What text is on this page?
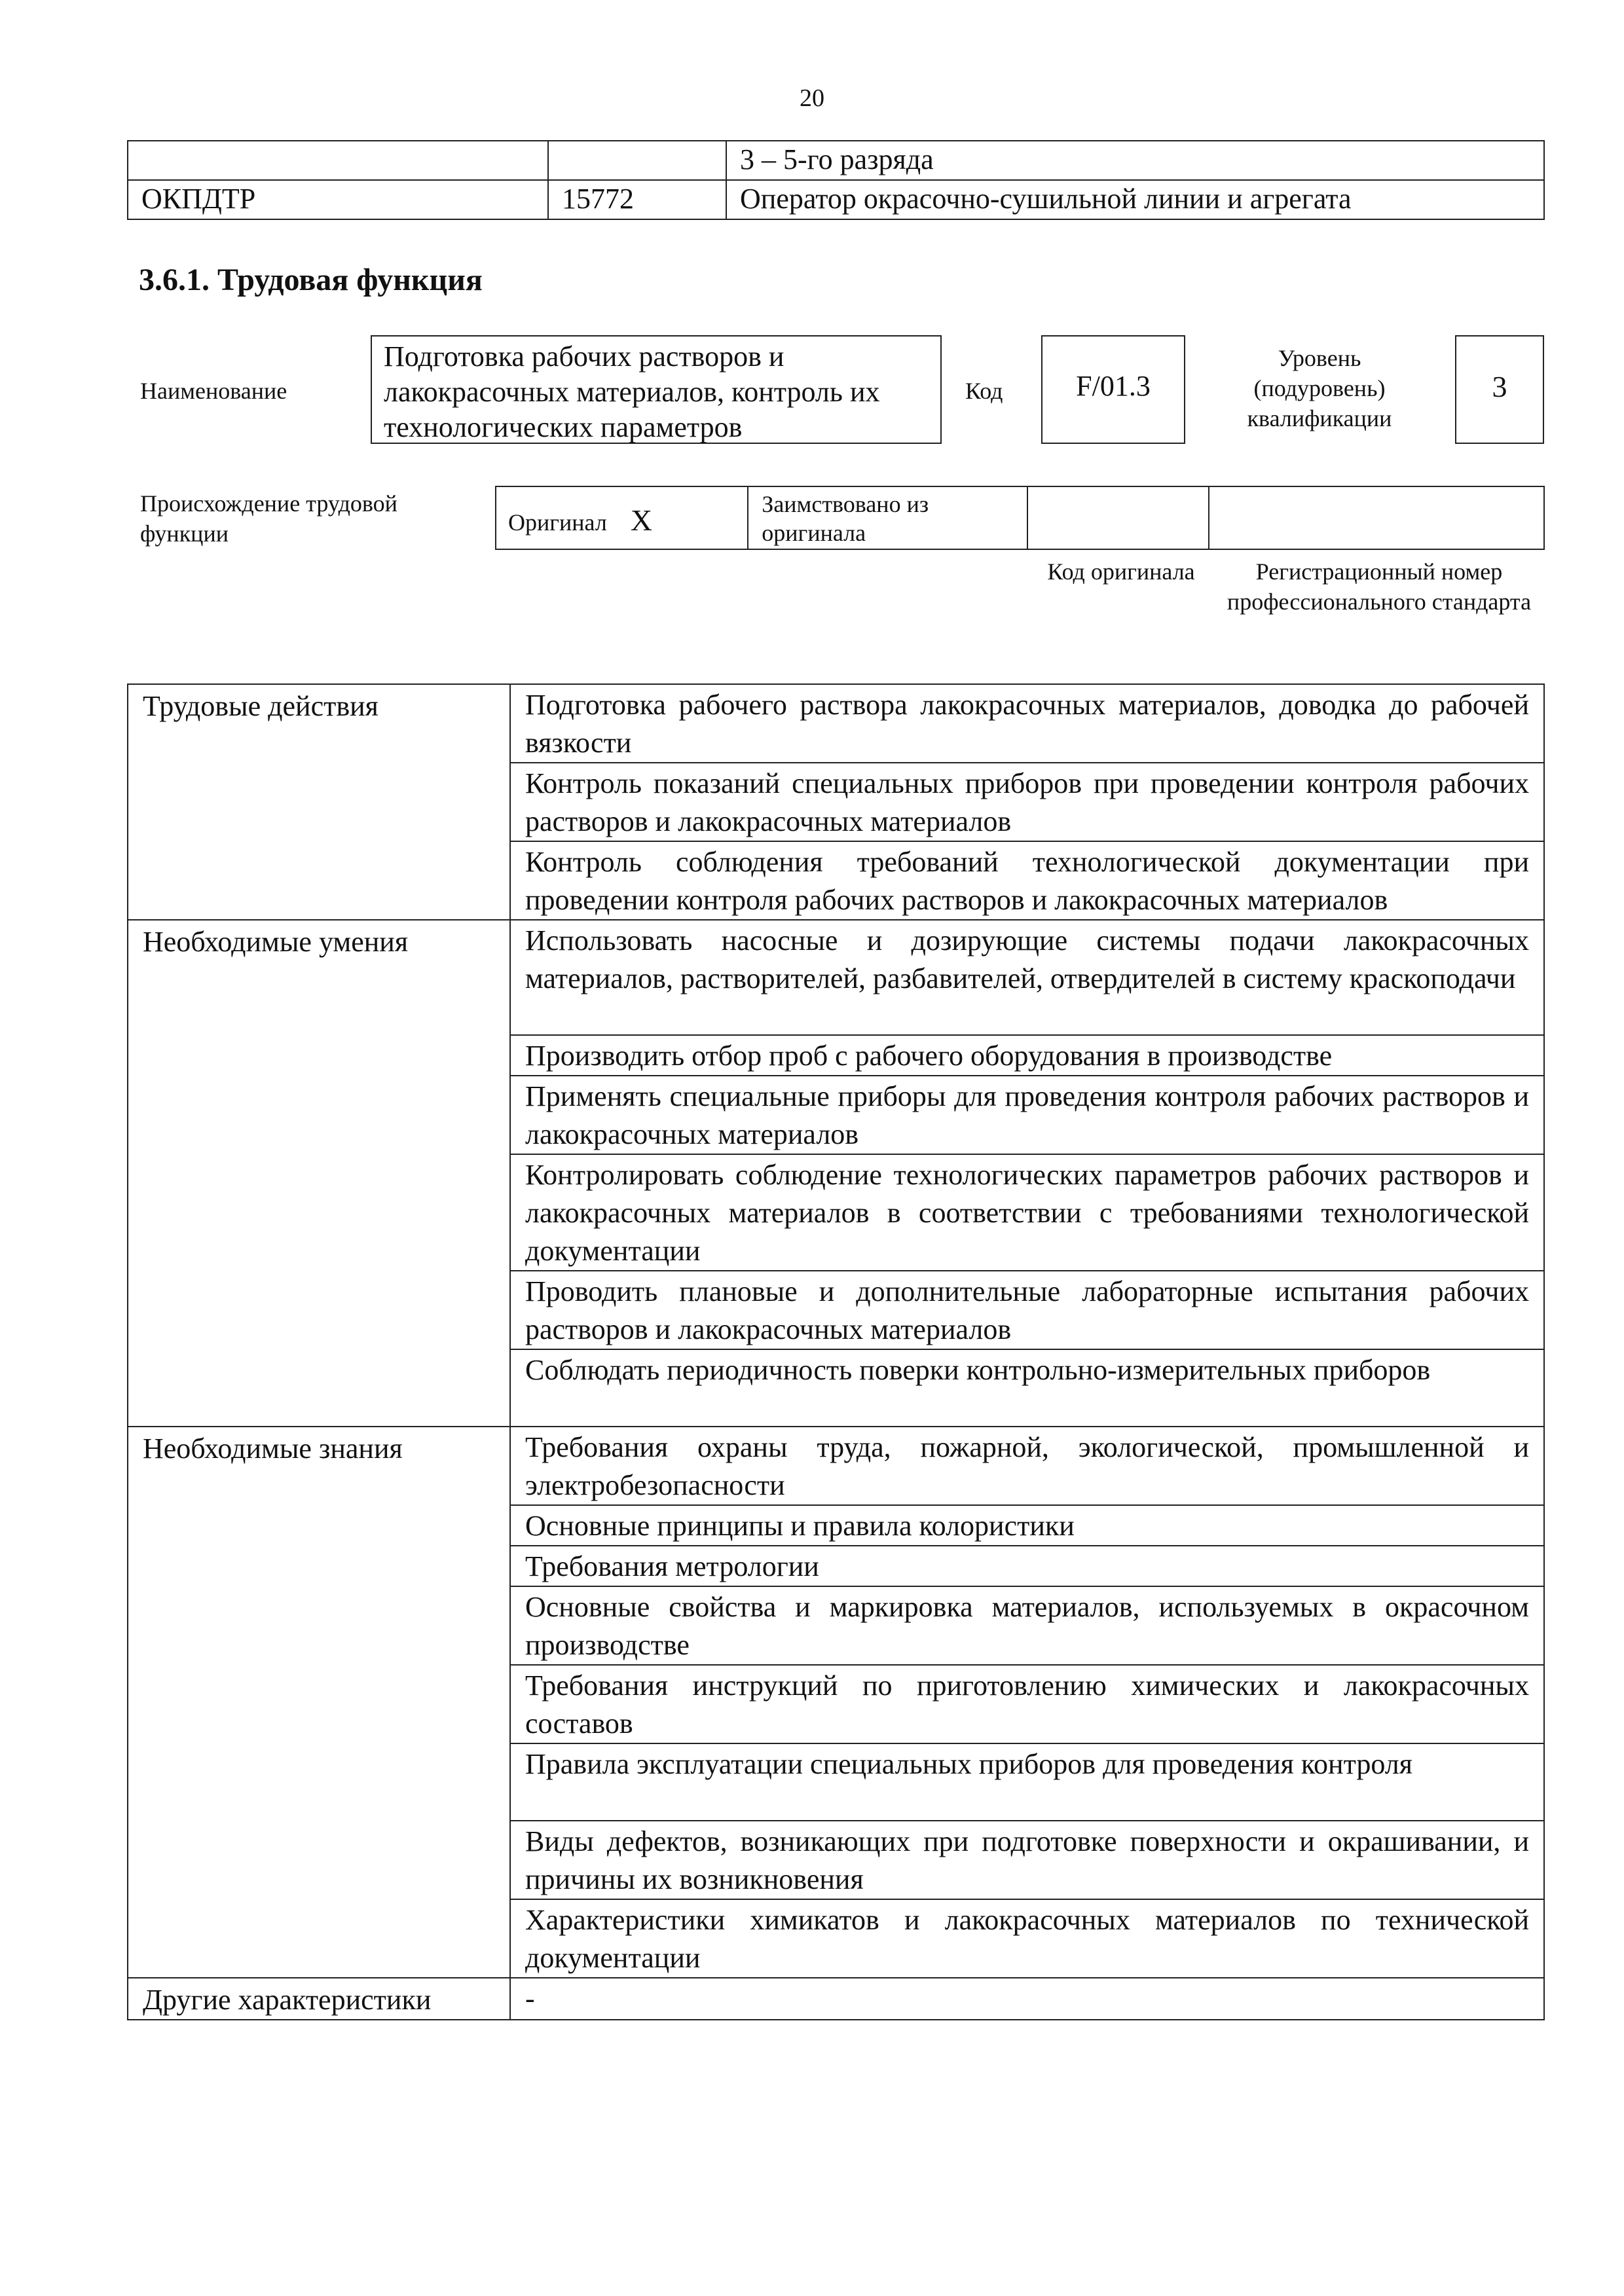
20
		3 – 5-го разряда
ОКПДТР	15772	Оператор окрасочно-сушильной линии и агрегата
3.6.1. Трудовая функция
Наименование
Подготовка рабочих растворов и лакокрасочных материалов, контроль их технологических параметров
Код	F/01.3
Уровень (подуровень) квалификации
3
Происхождение трудовой функции	Оригинал X	Заимствовано из оригинала		
Код оригинала	Регистрационный номер профессионального стандарта
Трудовые действия	Подготовка рабочего раствора лакокрасочных материалов, доводка до рабочей вязкости
	Контроль показаний специальных приборов при проведении контроля рабочих растворов и лакокрасочных материалов
	Контроль соблюдения требований технологической документации при проведении контроля рабочих растворов и лакокрасочных материалов
Необходимые умения	Использовать насосные и дозирующие системы подачи лакокрасочных материалов, растворителей, разбавителей, отвердителей в систему краскоподачи
	Производить отбор проб с рабочего оборудования в производстве
	Применять специальные приборы для проведения контроля рабочих растворов и лакокрасочных материалов
	Контролировать соблюдение технологических параметров рабочих растворов и лакокрасочных материалов в соответствии с требованиями технологической документации
	Проводить плановые и дополнительные лабораторные испытания рабочих растворов и лакокрасочных материалов
	Соблюдать периодичность поверки контрольно-измерительных приборов
Необходимые знания	Требования охраны труда, пожарной, экологической, промышленной и электробезопасности
	Основные принципы и правила колористики
	Требования метрологии
	Основные свойства и маркировка материалов, используемых в окрасочном производстве
	Требования инструкций по приготовлению химических и лакокрасочных составов
	Правила эксплуатации специальных приборов для проведения контроля
	Виды дефектов, возникающих при подготовке поверхности и окрашивании, и причины их возникновения
	Характеристики химикатов и лакокрасочных материалов по технической документации
Другие характеристики	-
